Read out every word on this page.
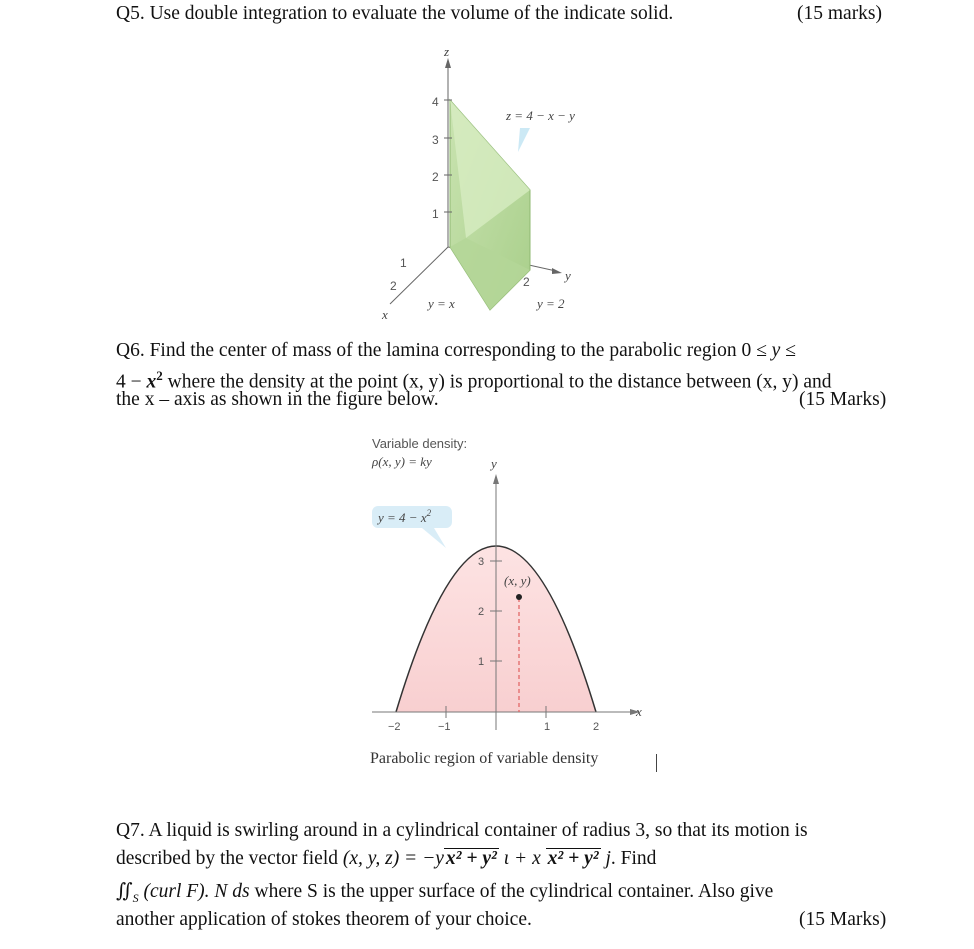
Q5. Use double integration to evaluate the volume of the indicate solid.	(15 marks)
z
y
x
4
3
2
1
1
2	2
z = 4 − x − y
y = x	y = 2
Q6. Find the center of mass of the lamina corresponding to the parabolic region 0 ≤ y ≤
$4 - x^2$ where the density at the point (x, y) is proportional to the distance between (x, y) and
the x – axis as shown in the figure below.	(15 Marks)
Variable density:
ρ(x, y) = ky
$y = 4 - x^2$
x
y
3
2
1
−2	−1	1	2
(x, y)
Parabolic region of variable density
Q7. A liquid is swirling around in a cylindrical container of radius 3, so that its motion is
described by the vector field (x, y, z) = −y x² + y² ι + x x² + y² j. Find
$∬_S$ (curl F). N ds where S is the upper surface of the cylindrical container. Also give
another application of stokes theorem of your choice.	(15 Marks)
